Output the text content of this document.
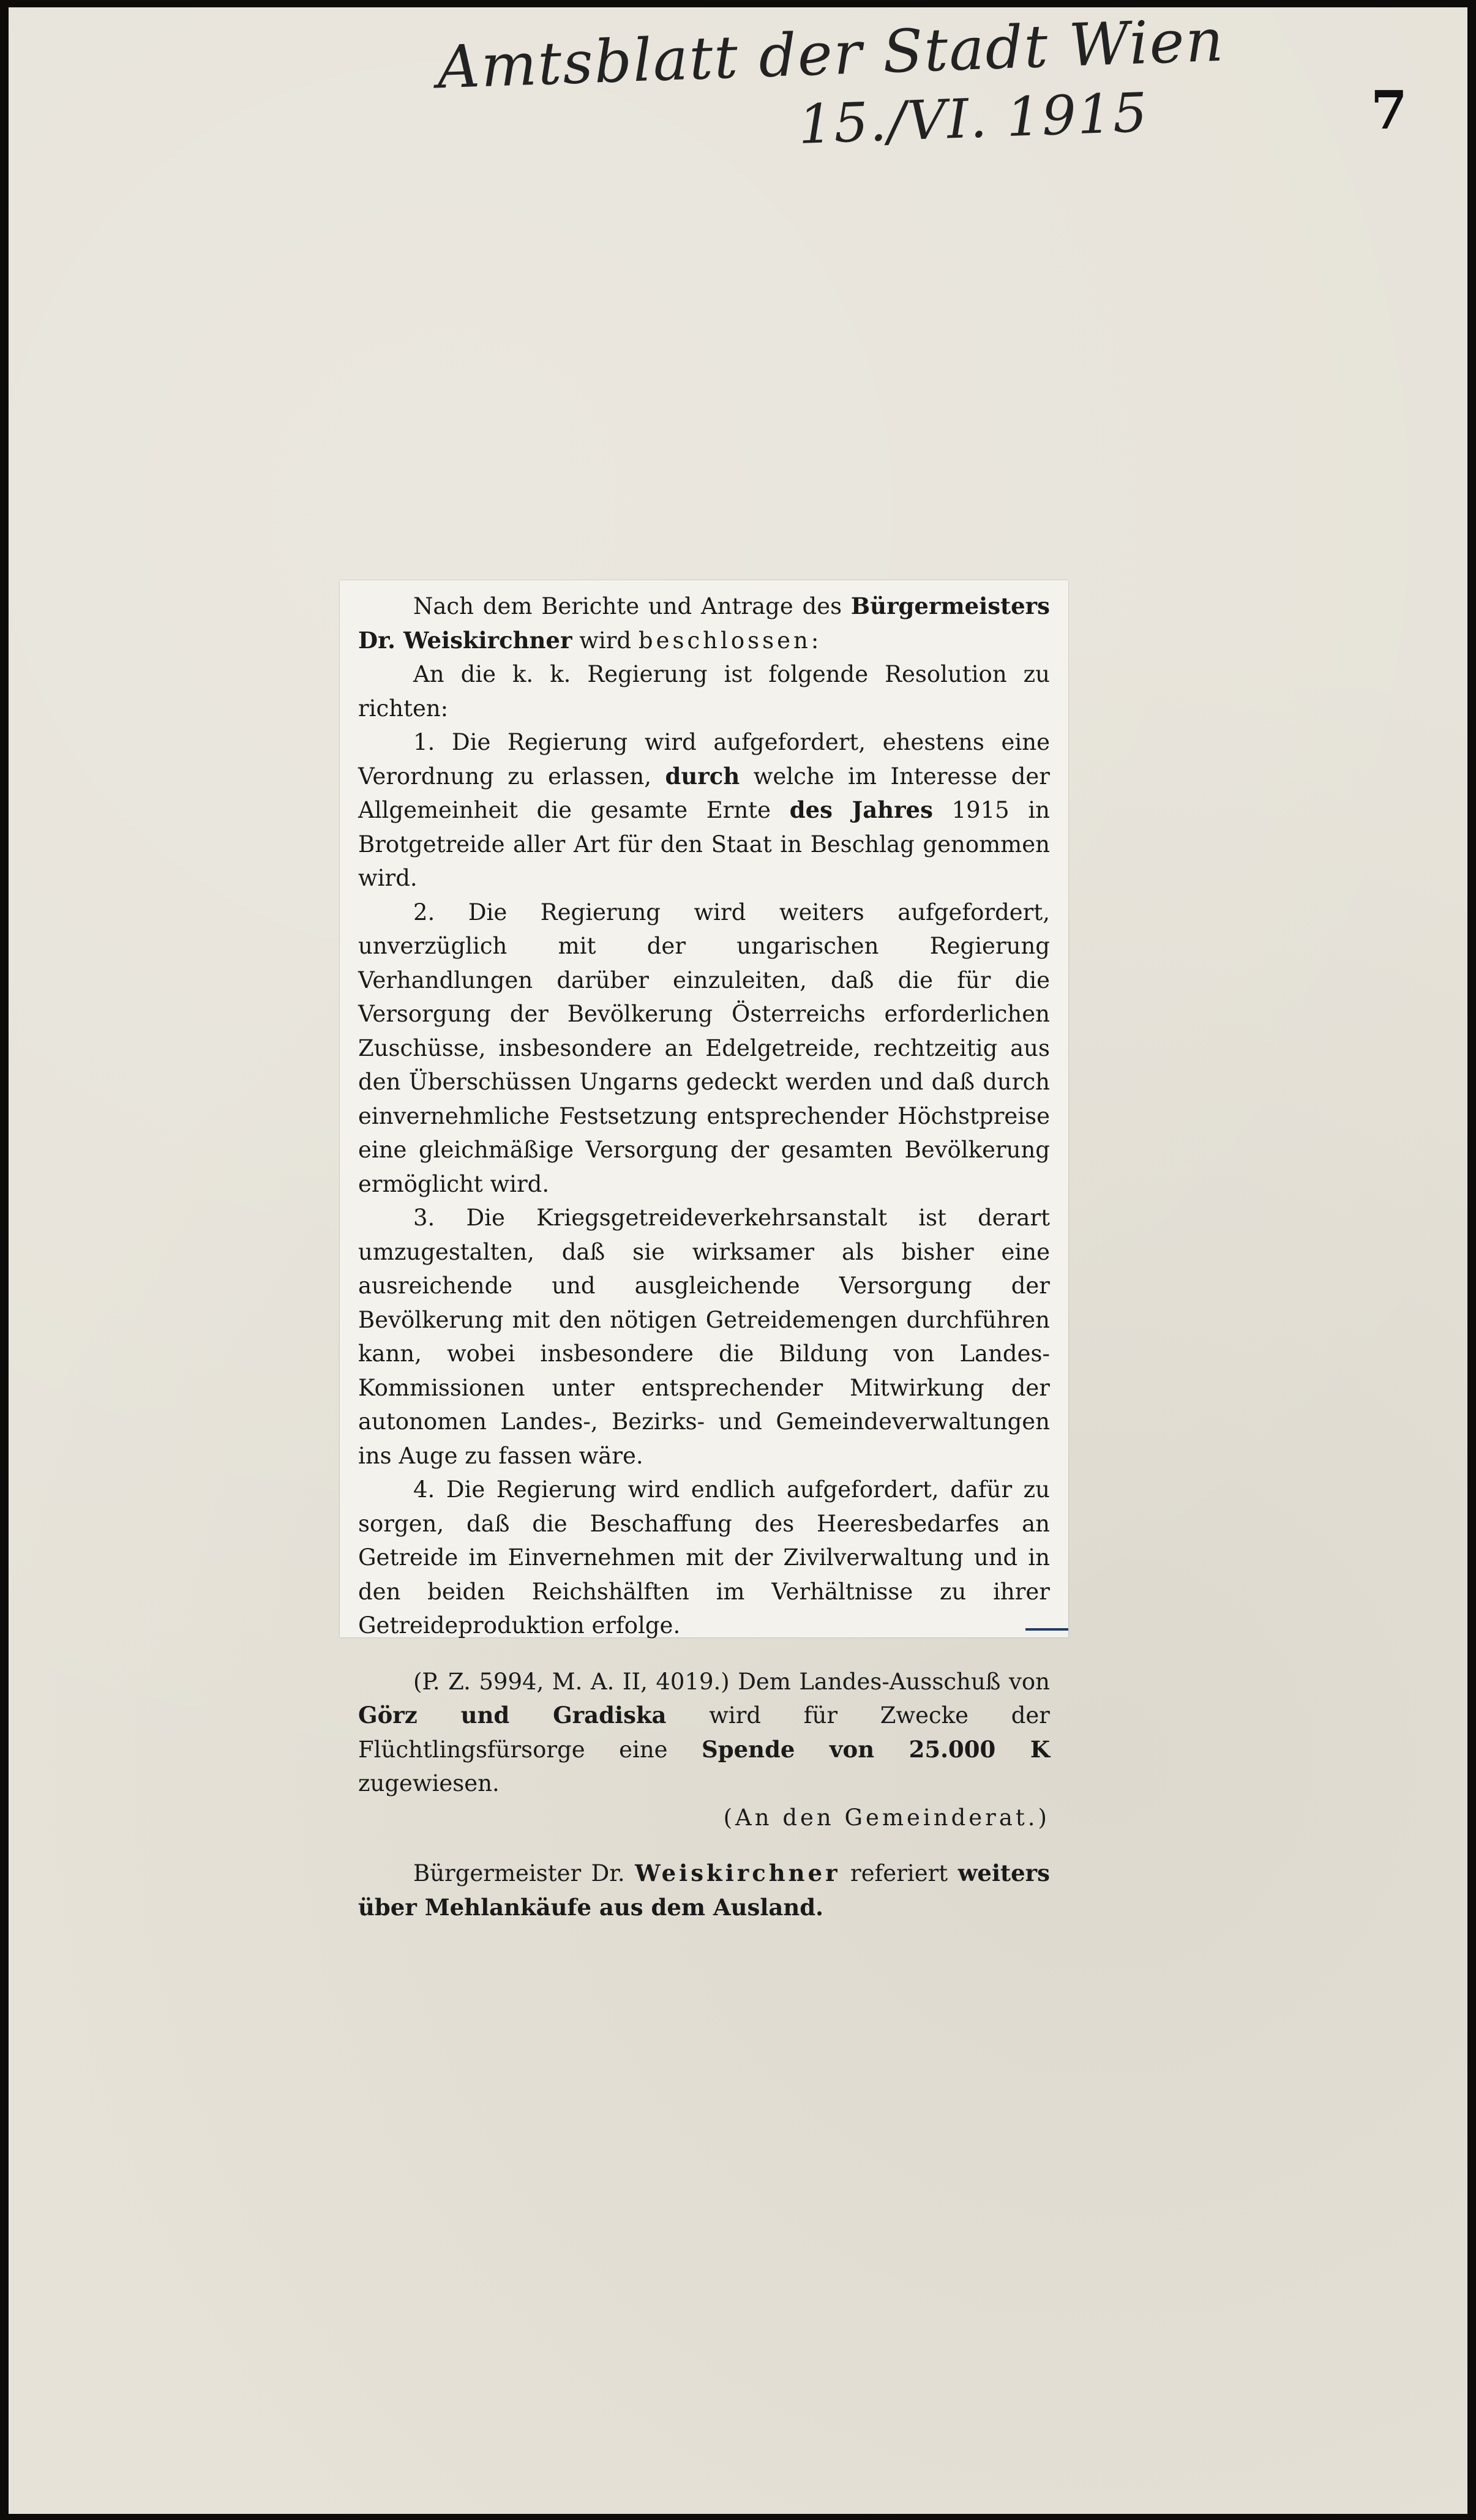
Amtsblatt der Stadt Wien
15./VI. 1915	7

Nach dem Berichte und Antrage des Bürgermeisters Dr. Weiskirchner wird beschlossen:

An die k. k. Regierung ist folgende Resolution zu richten:

1. Die Regierung wird aufgefordert, ehestens eine Verordnung zu erlassen, durch welche im Interesse der Allgemeinheit die gesamte Ernte des Jahres 1915 in Brotgetreide aller Art für den Staat in Beschlag genommen wird.

2. Die Regierung wird weiters aufgefordert, unverzüglich mit der ungarischen Regierung Verhandlungen darüber einzuleiten, daß die für die Versorgung der Bevölkerung Österreichs erforderlichen Zuschüsse, insbesondere an Edelgetreide, rechtzeitig aus den Überschüssen Ungarns gedeckt werden und daß durch einvernehmliche Festsetzung entsprechender Höchstpreise eine gleichmäßige Versorgung der gesamten Bevölkerung ermöglicht wird.

3. Die Kriegsgetreideverkehrsanstalt ist derart umzugestalten, daß sie wirksamer als bisher eine ausreichende und ausgleichende Versorgung der Bevölkerung mit den nötigen Getreidemengen durchführen kann, wobei insbesondere die Bildung von Landes-Kommissionen unter entsprechender Mitwirkung der autonomen Landes-, Bezirks- und Gemeindeverwaltungen ins Auge zu fassen wäre.

4. Die Regierung wird endlich aufgefordert, dafür zu sorgen, daß die Beschaffung des Heeresbedarfes an Getreide im Einvernehmen mit der Zivilverwaltung und in den beiden Reichshälften im Verhältnisse zu ihrer Getreideproduktion erfolge.

(P. Z. 5994, M. A. II, 4019.) Dem Landes-Ausschuß von Görz und Gradiska wird für Zwecke der Flüchtlingsfürsorge eine Spende von 25.000 K zugewiesen.

(An den Gemeinderat.)

Bürgermeister Dr. Weiskirchner referiert weiters über Mehlankäufe aus dem Ausland.
